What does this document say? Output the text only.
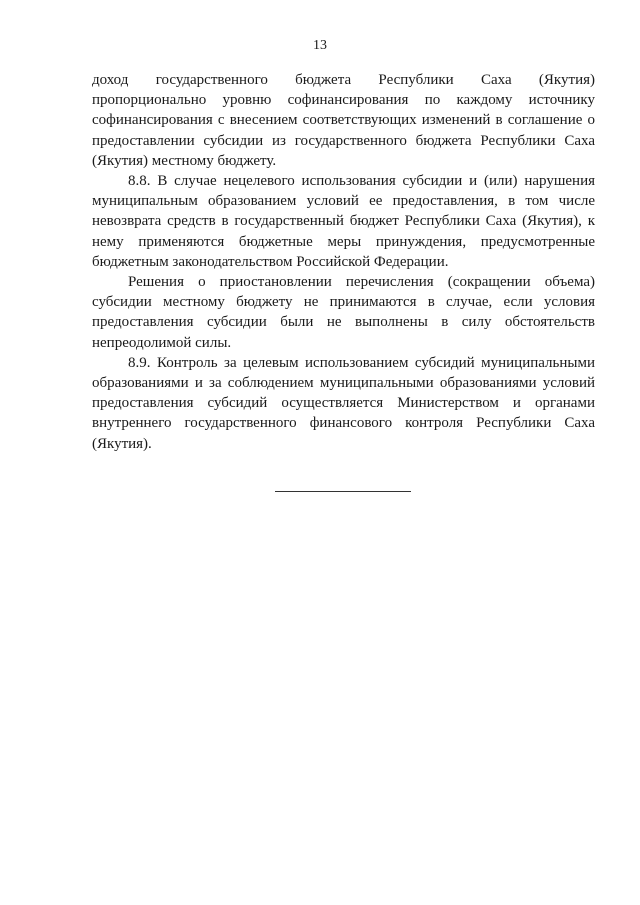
13

доход государственного бюджета Республики Саха (Якутия) пропорционально уровню софинансирования по каждому источнику софинансирования с внесением соответствующих изменений в соглашение о предоставлении субсидии из государственного бюджета Республики Саха (Якутия) местному бюджету.

8.8. В случае нецелевого использования субсидии и (или) нарушения муниципальным образованием условий ее предоставления, в том числе невозврата средств в государственный бюджет Республики Саха (Якутия), к нему применяются бюджетные меры принуждения, предусмотренные бюджетным законодательством Российской Федерации.

Решения о приостановлении перечисления (сокращении объема) субсидии местному бюджету не принимаются в случае, если условия предоставления субсидии были не выполнены в силу обстоятельств непреодолимой силы.

8.9. Контроль за целевым использованием субсидий муниципальными образованиями и за соблюдением муниципальными образованиями условий предоставления субсидий осуществляется Министерством и органами внутреннего государственного финансового контроля Республики Саха (Якутия).
